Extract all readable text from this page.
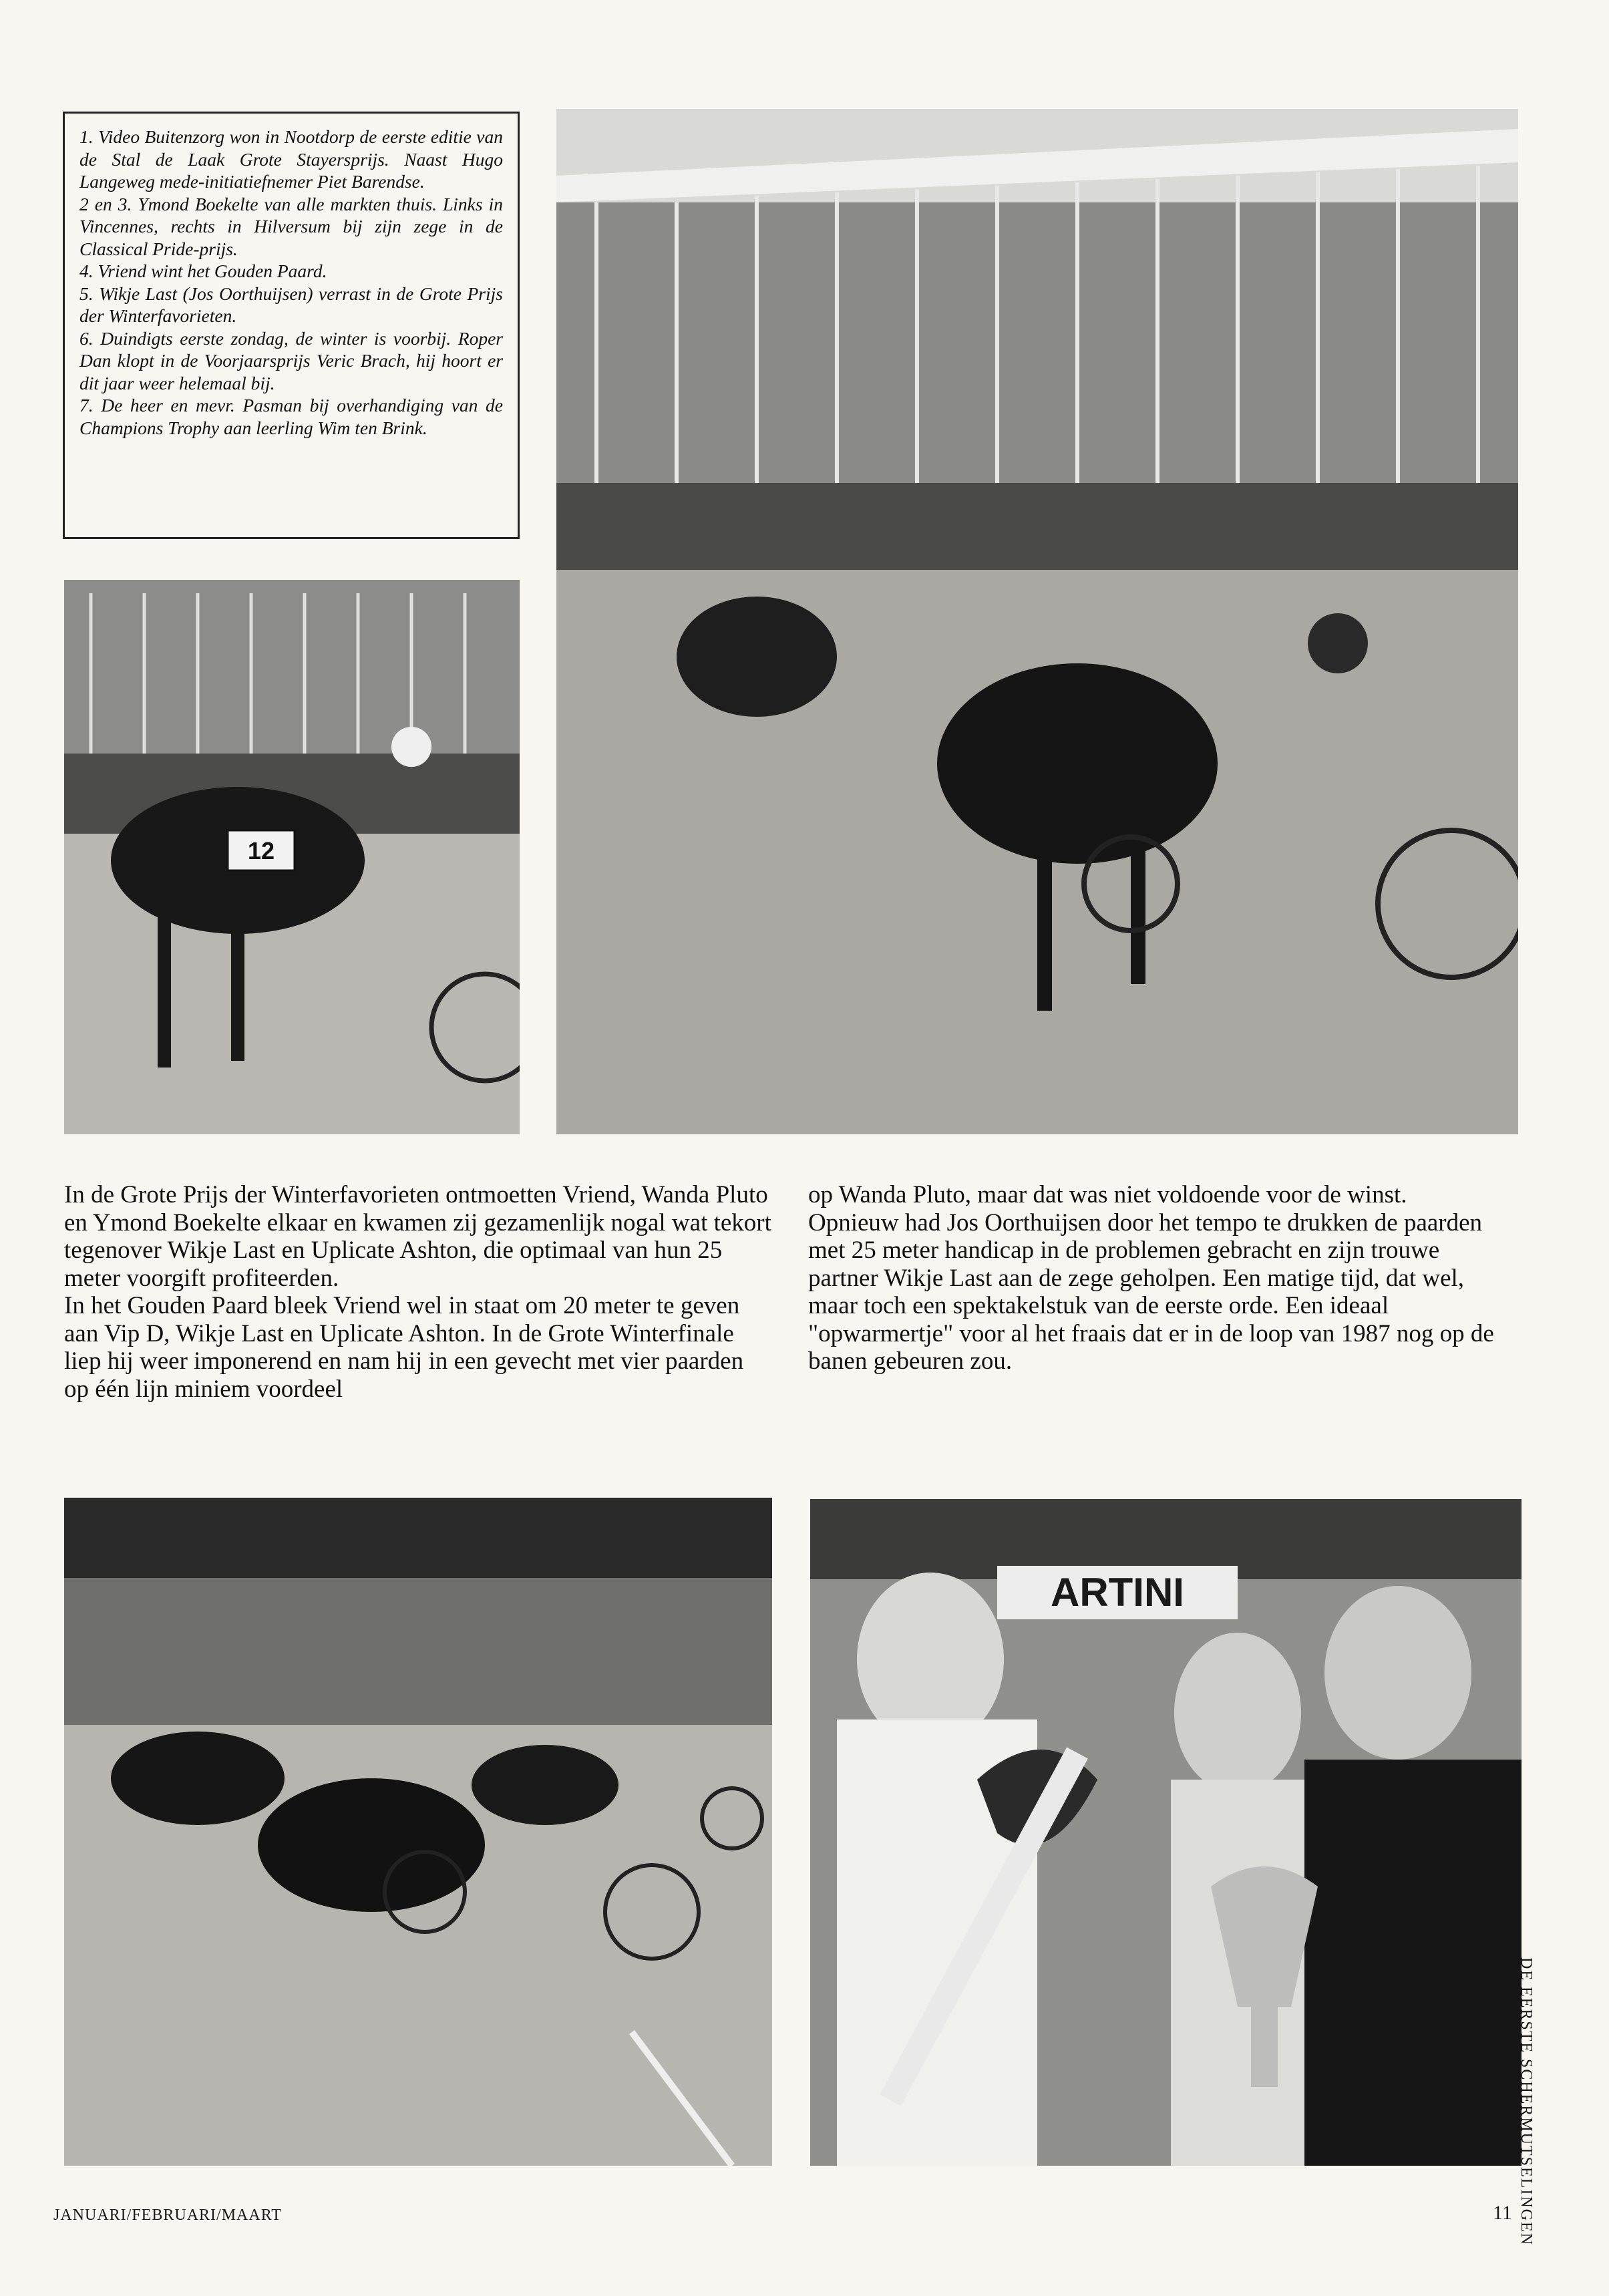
1. Video Buitenzorg won in Nootdorp de eerste editie van de Stal de Laak Grote Stayersprijs. Naast Hugo Langeweg mede-initiatiefnemer Piet Barendse.

2 en 3. Ymond Boekelte van alle markten thuis. Links in Vincennes, rechts in Hilversum bij zijn zege in de Classical Pride-prijs.

4. Vriend wint het Gouden Paard.

5. Wikje Last (Jos Oorthuijsen) verrast in de Grote Prijs der Winterfavorieten.

6. Duindigts eerste zondag, de winter is voorbij. Roper Dan klopt in de Voorjaarsprijs Veric Brach, hij hoort er dit jaar weer helemaal bij.

7. De heer en mevr. Pasman bij overhandiging van de Champions Trophy aan leerling Wim ten Brink.

12

In de Grote Prijs der Winterfavorieten ontmoetten Vriend, Wanda Pluto en Ymond Boekelte elkaar en kwamen zij gezamenlijk nogal wat tekort tegenover Wikje Last en Uplicate Ashton, die optimaal van hun 25 meter voorgift profiteerden.

In het Gouden Paard bleek Vriend wel in staat om 20 meter te geven aan Vip D, Wikje Last en Uplicate Ashton. In de Grote Winterfinale liep hij weer imponerend en nam hij in een gevecht met vier paarden op één lijn miniem voordeel

op Wanda Pluto, maar dat was niet voldoende voor de winst. Opnieuw had Jos Oorthuijsen door het tempo te drukken de paarden met 25 meter handicap in de problemen gebracht en zijn trouwe partner Wikje Last aan de zege geholpen. Een matige tijd, dat wel, maar toch een spektakelstuk van de eerste orde. Een ideaal "opwarmertje" voor al het fraais dat er in de loop van 1987 nog op de banen gebeuren zou.

ARTINI
JANUARI/FEBRUARI/MAART	11 DE EERSTE SCHERMUTSELINGEN
